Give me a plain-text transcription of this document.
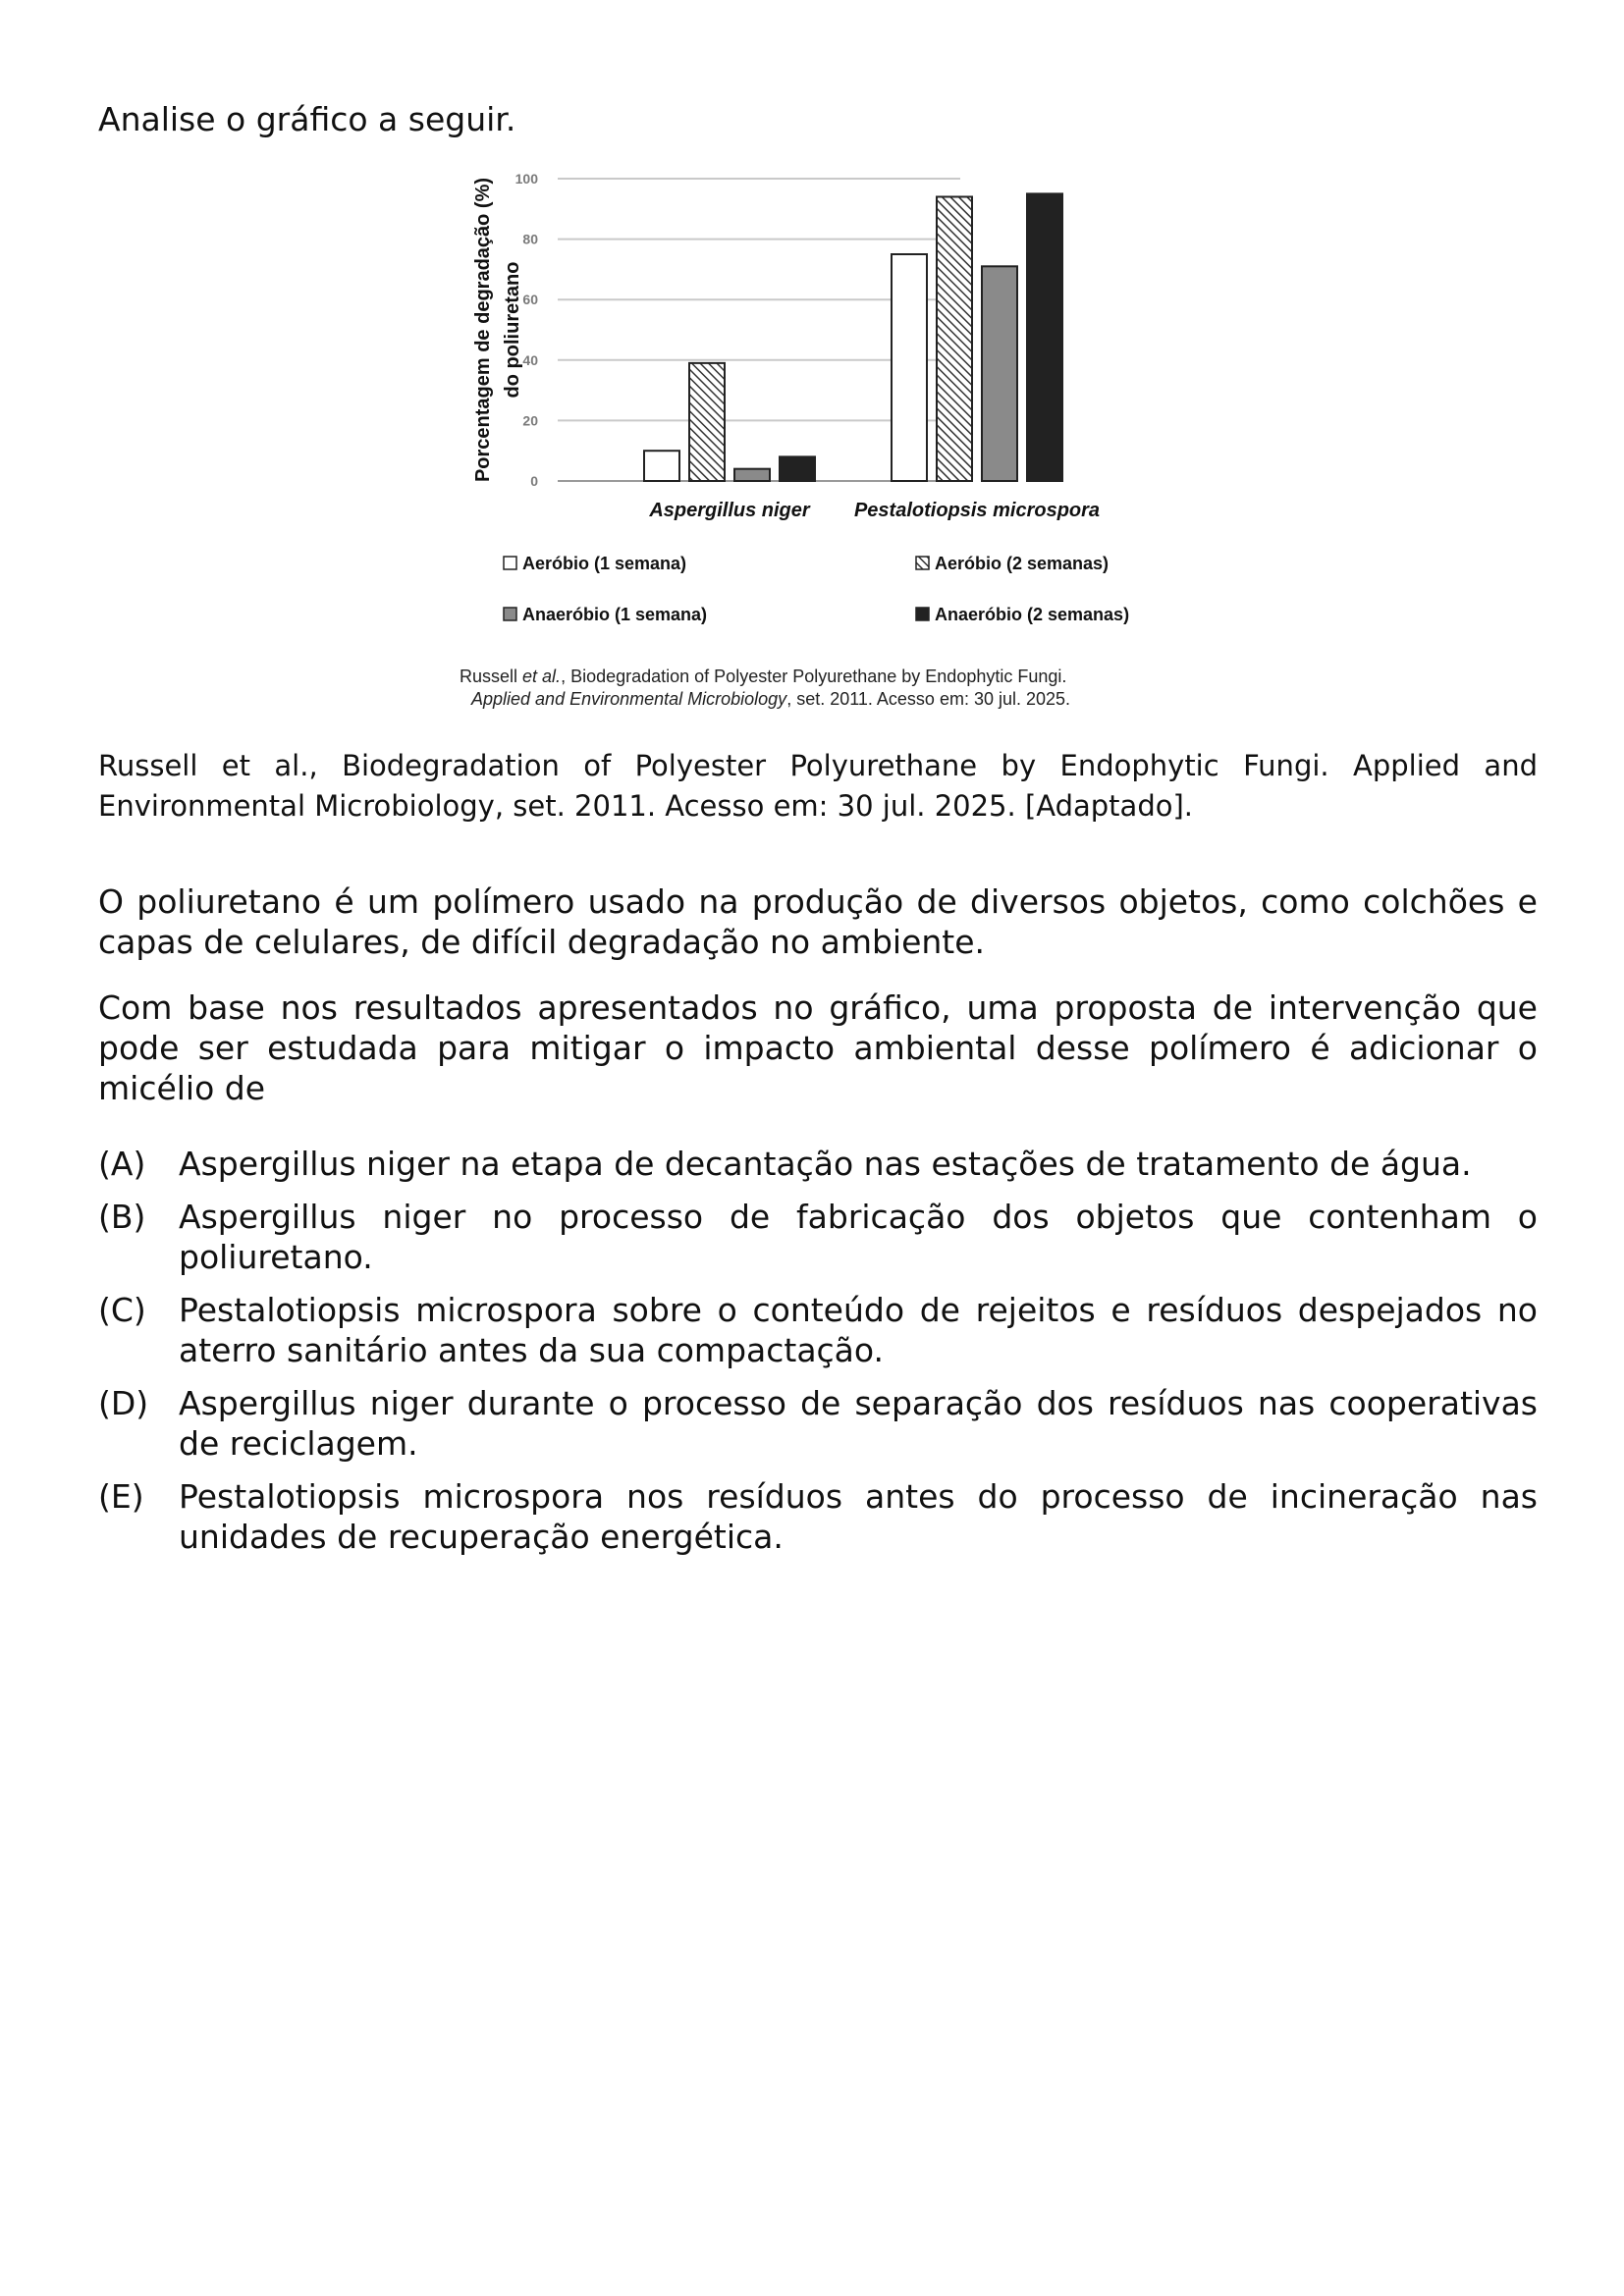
Analise o gráfico a seguir.

0
20
40
60
80
100
Porcentagem de degradação (%) do poliuretano
Aspergillus niger Pestalotiopsis microspora
Aeróbio (1 semana)	Aeróbio (2 semanas)
Anaeróbio (1 semana)	Anaeróbio (2 semanas)
Russell et al., Biodegradation of Polyester Polyurethane by Endophytic Fungi.
Applied and Environmental Microbiology, set. 2011. Acesso em: 30 jul. 2025.

Russell et al., Biodegradation of Polyester Polyurethane by Endophytic Fungi. Applied and Environmental Microbiology, set. 2011. Acesso em: 30 jul. 2025. [Adaptado].

O poliuretano é um polímero usado na produção de diversos objetos, como colchões e capas de celulares, de difícil degradação no ambiente.

Com base nos resultados apresentados no gráfico, uma proposta de intervenção que pode ser estudada para mitigar o impacto ambiental desse polímero é adicionar o micélio de

(A)	Aspergillus niger na etapa de decantação nas estações de tratamento de água.
(B)	Aspergillus niger no processo de fabricação dos objetos que contenham o poliuretano.
(C)	Pestalotiopsis microspora sobre o conteúdo de rejeitos e resíduos despejados no aterro sanitário antes da sua compactação.
(D) Aspergillus niger durante o processo de separação dos resíduos nas cooperativas de reciclagem.
(E)	Pestalotiopsis microspora nos resíduos antes do processo de incineração nas unidades de recuperação energética.
